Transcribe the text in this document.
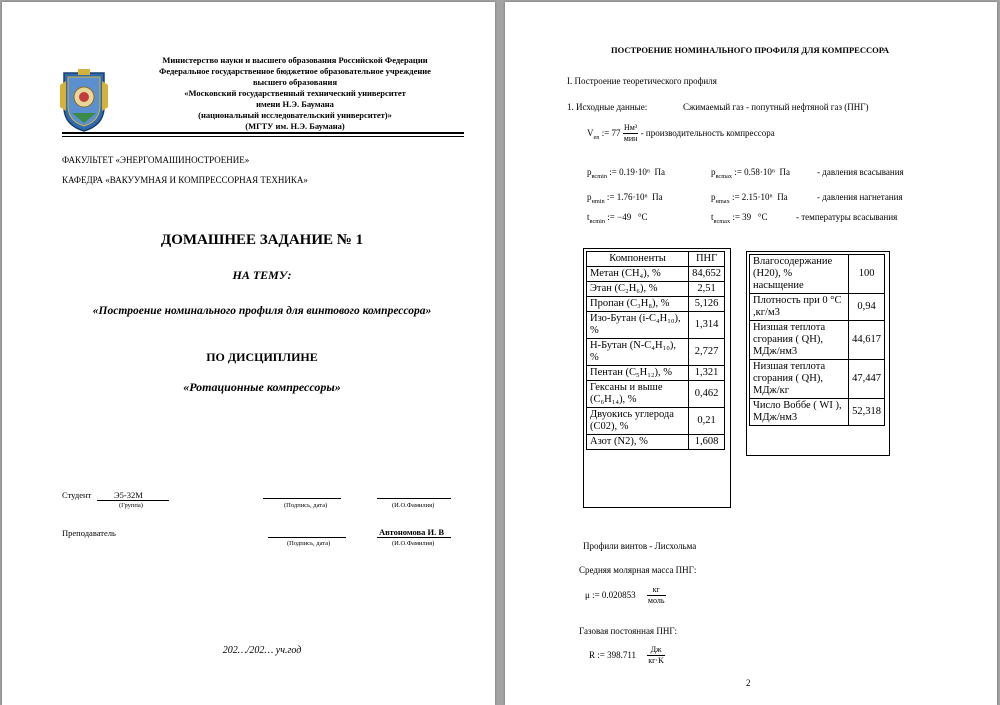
Министерство науки и высшего образования Российской Федерации
Федеральное государственное бюджетное образовательное учреждение
высшего образования
«Московский государственный технический университет
имени Н.Э. Баумана
(национальный исследовательский университет)»
(МГТУ им. Н.Э. Баумана)
ФАКУЛЬТЕТ «ЭНЕРГОМАШИНОСТРОЕНИЕ»
КАФЕДРА «ВАКУУМНАЯ И КОМПРЕССОРНАЯ ТЕХНИКА»
ДОМАШНЕЕ ЗАДАНИЕ № 1
НА ТЕМУ:
«Построение номинального профиля для винтового компрессора»
ПО ДИСЦИПЛИНЕ
«Ротационные компрессоры»
Студент	Э5-32М
(Группа)	(Подпись, дата)	(И.О.Фамилия)
Преподаватель
(Подпись, дата)
Автономова И. В
(И.О.Фамилия)
202…/202… уч.год
ПОСТРОЕНИЕ НОМИНАЛЬНОГО ПРОФИЛЯ ДЛЯ КОМПРЕССОРА
I. Построение теоретического профиля
1. Исходные данные:	Сжимаемый газ - попутный нефтяной газ (ПНГ)
$V_{en}$ := $77 \frac{\text{Нм³}}{\text{мин}}$ - производительность компрессора
$p_{всmin}$ := 0.19·10⁶ Па	$p_{всmax}$ := 0.58·10⁶ Па	- давления всасывания
$p_{нmin}$ := 1.76·10⁶ Па	$p_{нmax}$ := 2.15·10⁶ Па	- давления нагнетания
$t_{всmin}$ := −49 °C	$t_{всmax}$ := 39 °C	- температуры всасывания
Компоненты	ПНГ
Метан (CH₄), %	84,652
Этан (C₂H₆), %	2,51
Пропан (C₃H₈), %	5,126
Изо-Бутан (i-C₄H₁₀), %	1,314
Н-Бутан (N-C₄H₁₀), %	2,727
Пентан (C₅H₁₂), %	1,321
Гексаны и выше (C₆H₁₄), %	0,462
Двуокись углерода (C02), %	0,21
Азот (N2), %	1,608
Влагосодержание (H20), % насыщение	100
Плотность при 0 °C ,кг/м3	0,94
Низшая теплота сгорания ( QH), МДж/нм3	44,617
Низшая теплота сгорания ( QH), МДж/кг	47,447
Число Вобб​е ( WI ), МДж/нм3	52,318
Профили винтов - Лисхольма
Средняя молярная масса ПНГ:
μ := $0.020853 \frac{кг}{\text{моль}}$
Газовая постоянная ПНГ:
R := $398.711 \frac{Дж}{кг\cdot K}$
2
